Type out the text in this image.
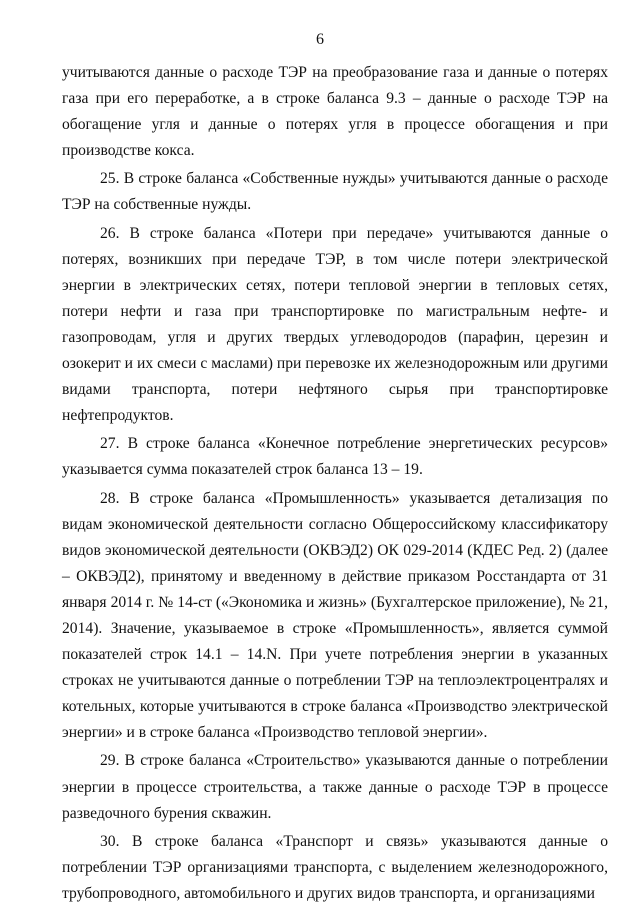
6

учитываются данные о расходе ТЭР на преобразование газа и данные о потерях газа при его переработке, а в строке баланса 9.3 – данные о расходе ТЭР на обогащение угля и данные о потерях угля в процессе обогащения и при производстве кокса.

25. В строке баланса «Собственные нужды» учитываются данные о расходе ТЭР на собственные нужды.

26. В строке баланса «Потери при передаче» учитываются данные о потерях, возникших при передаче ТЭР, в том числе потери электрической энергии в электрических сетях, потери тепловой энергии в тепловых сетях, потери нефти и газа при транспортировке по магистральным нефте- и газопроводам, угля и других твердых углеводородов (парафин, церезин и озокерит и их смеси с маслами) при перевозке их железнодорожным или другими видами транспорта, потери нефтяного сырья при транспортировке нефтепродуктов.

27. В строке баланса «Конечное потребление энергетических ресурсов» указывается сумма показателей строк баланса 13 – 19.

28. В строке баланса «Промышленность» указывается детализация по видам экономической деятельности согласно Общероссийскому классификатору видов экономической деятельности (ОКВЭД2) ОК 029-2014 (КДЕС Ред. 2) (далее – ОКВЭД2), принятому и введенному в действие приказом Росстандарта от 31 января 2014 г. № 14-ст («Экономика и жизнь» (Бухгалтерское приложение), № 21, 2014). Значение, указываемое в строке «Промышленность», является суммой показателей строк 14.1 – 14.N. При учете потребления энергии в указанных строках не учитываются данные о потреблении ТЭР на теплоэлектроцентралях и котельных, которые учитываются в строке баланса «Производство электрической энергии» и в строке баланса «Производство тепловой энергии».

29. В строке баланса «Строительство» указываются данные о потреблении энергии в процессе строительства, а также данные о расходе ТЭР в процессе разведочного бурения скважин.

30. В строке баланса «Транспорт и связь» указываются данные о потреблении ТЭР организациями транспорта, с выделением железнодорожного, трубопроводного, автомобильного и других видов транспорта, и организациями
